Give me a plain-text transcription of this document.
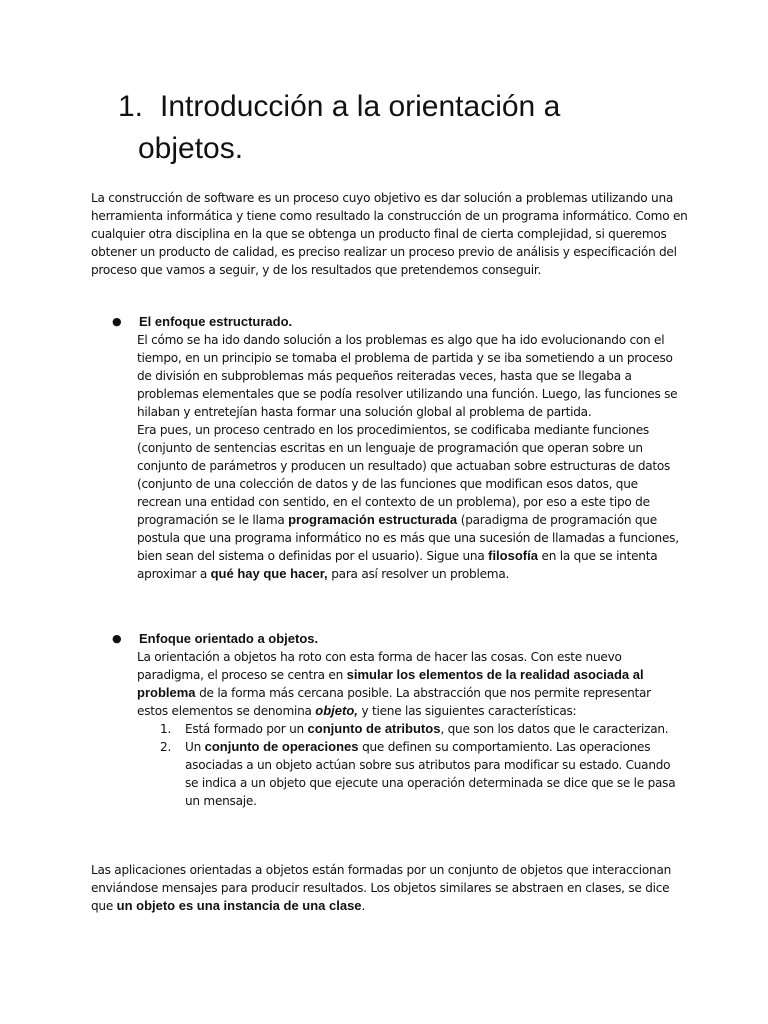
1. Introducción a la orientación a
objetos.

La construcción de software es un proceso cuyo objetivo es dar solución a problemas utilizando una herramienta informática y tiene como resultado la construcción de un programa informático. Como en cualquier otra disciplina en la que se obtenga un producto final de cierta complejidad, si queremos obtener un producto de calidad, es preciso realizar un proceso previo de análisis y especificación del proceso que vamos a seguir, y de los resultados que pretendemos conseguir.

● El enfoque estructurado.

El cómo se ha ido dando solución a los problemas es algo que ha ido evolucionando con el tiempo, en un principio se tomaba el problema de partida y se iba sometiendo a un proceso de división en subproblemas más pequeños reiteradas veces, hasta que se llegaba a problemas elementales que se podía resolver utilizando una función. Luego, las funciones se hilaban y entretejían hasta formar una solución global al problema de partida.

Era pues, un proceso centrado en los procedimientos, se codificaba mediante funciones (conjunto de sentencias escritas en un lenguaje de programación que operan sobre un conjunto de parámetros y producen un resultado) que actuaban sobre estructuras de datos (conjunto de una colección de datos y de las funciones que modifican esos datos, que recrean una entidad con sentido, en el contexto de un problema), por eso a este tipo de programación se le llama programación estructurada (paradigma de programación que postula que una programa informático no es más que una sucesión de llamadas a funciones, bien sean del sistema o definidas por el usuario). Sigue una filosofía en la que se intenta aproximar a qué hay que hacer, para así resolver un problema.

● Enfoque orientado a objetos.

La orientación a objetos ha roto con esta forma de hacer las cosas. Con este nuevo paradigma, el proceso se centra en simular los elementos de la realidad asociada al problema de la forma más cercana posible. La abstracción que nos permite representar estos elementos se denomina objeto, y tiene las siguientes características:

1. Está formado por un conjunto de atributos, que son los datos que le caracterizan.
2. Un conjunto de operaciones que definen su comportamiento. Las operaciones asociadas a un objeto actúan sobre sus atributos para modificar su estado. Cuando se indica a un objeto que ejecute una operación determinada se dice que se le pasa un mensaje.

Las aplicaciones orientadas a objetos están formadas por un conjunto de objetos que interaccionan enviándose mensajes para producir resultados. Los objetos similares se abstraen en clases, se dice que un objeto es una instancia de una clase.
